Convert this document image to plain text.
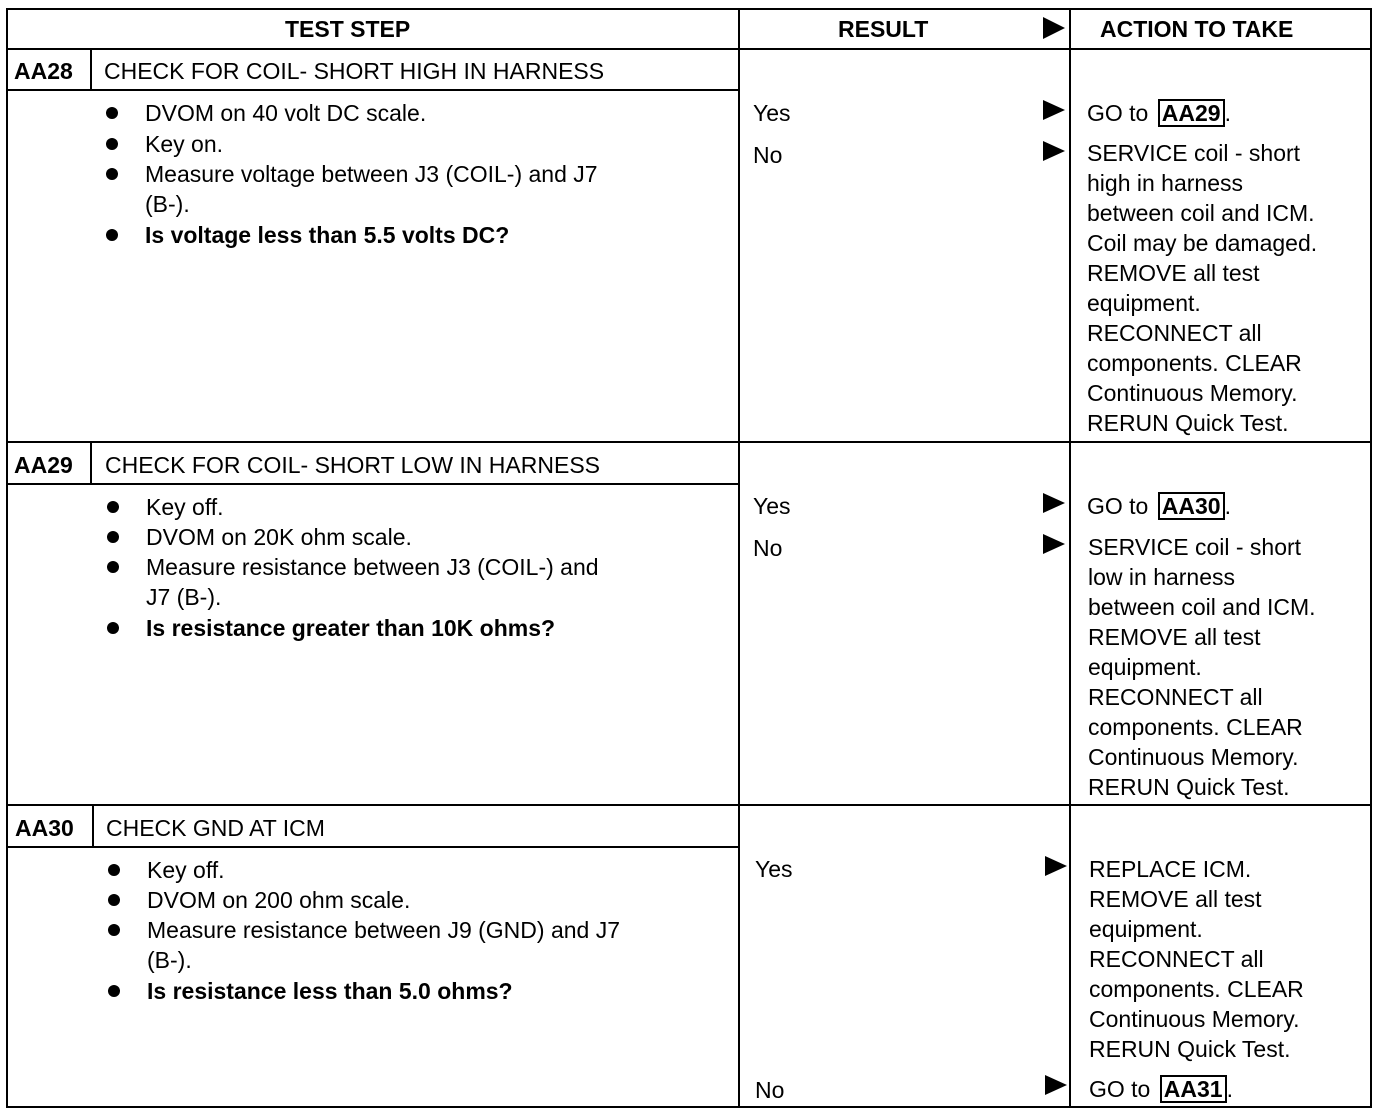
TEST STEP	RESULT	ACTION TO TAKE
AA28 CHECK FOR COIL- SHORT HIGH IN HARNESS
DVOM on 40 volt DC scale.
Key on.
Measure voltage between J3 (COIL-) and J7
(B-).
Is voltage less than 5.5 volts DC?
Yes
No
GO to AA29 .
SERVICE coil - short
high in harness
between coil and ICM.
Coil may be damaged.
REMOVE all test
equipment.
RECONNECT all
components. CLEAR
Continuous Memory.
RERUN Quick Test.
AA29 CHECK FOR COIL- SHORT LOW IN HARNESS
Key off.
DVOM on 20K ohm scale.
Measure resistance between J3 (COIL-) and
J7 (B-).
Is resistance greater than 10K ohms?
Yes
No
GO to AA30 .
SERVICE coil - short
low in harness
between coil and ICM.
REMOVE all test
equipment.
RECONNECT all
components. CLEAR
Continuous Memory.
RERUN Quick Test.
AA30 CHECK GND AT ICM
Key off.
DVOM on 200 ohm scale.
Measure resistance between J9 (GND) and J7
(B-).
Is resistance less than 5.0 ohms?
Yes
No
REPLACE ICM.
REMOVE all test
equipment.
RECONNECT all
components. CLEAR
Continuous Memory.
RERUN Quick Test.
GO to AA31 .
